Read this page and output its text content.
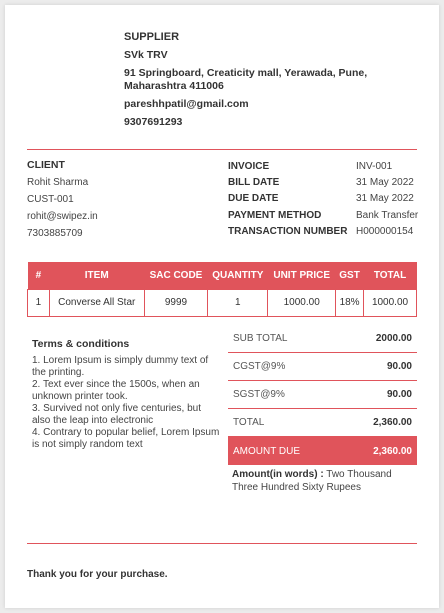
SUPPLIER
SVk TRV
91 Springboard, Creaticity mall, Yerawada, Pune,
Maharashtra 411006
pareshhpatil@gmail.com
9307691293
CLIENT
Rohit Sharma
CUST-001
rohit@swipez.in
7303885709
INVOICE	INV-001
BILL DATE	31 May 2022
DUE DATE	31 May 2022
PAYMENT METHOD	Bank Transfer
TRANSACTION NUMBER H000000154
#	ITEM	SAC CODE	QUANTITY	UNIT PRICE	GST	TOTAL
1	Converse All Star	9999	1	1000.00	18%	1000.00
Terms & conditions
1. Lorem Ipsum is simply dummy text of the printing.
2. Text ever since the 1500s, when an unknown printer took.
3. Survived not only five centuries, but also the leap into electronic
4. Contrary to popular belief, Lorem Ipsum is not simply random text
SUB TOTAL	2000.00
CGST@9%	90.00
SGST@9%	90.00
TOTAL	2,360.00
AMOUNT DUE	2,360.00
Amount(in words) : Two Thousand Three Hundred Sixty Rupees
Thank you for your purchase.
